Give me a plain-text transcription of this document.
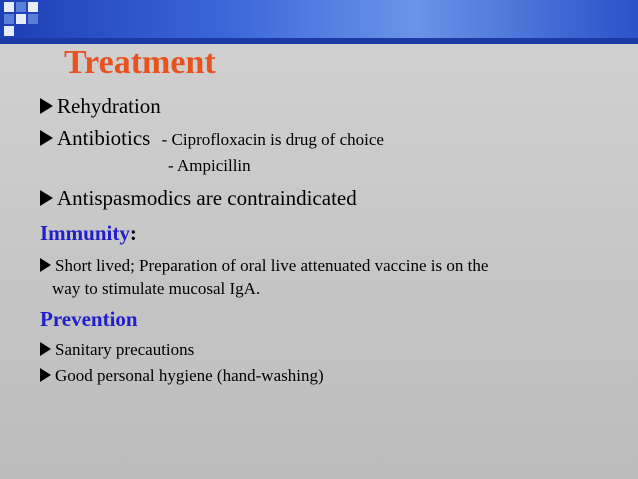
Treatment
Rehydration
Antibiotics - Ciprofloxacin is drug of choice
- Ampicillin
Antispasmodics are contraindicated
Immunity:
Short lived; Preparation of oral live attenuated vaccine is on the
way to stimulate mucosal IgA.
Prevention
Sanitary precautions
Good personal hygiene (hand-washing)
